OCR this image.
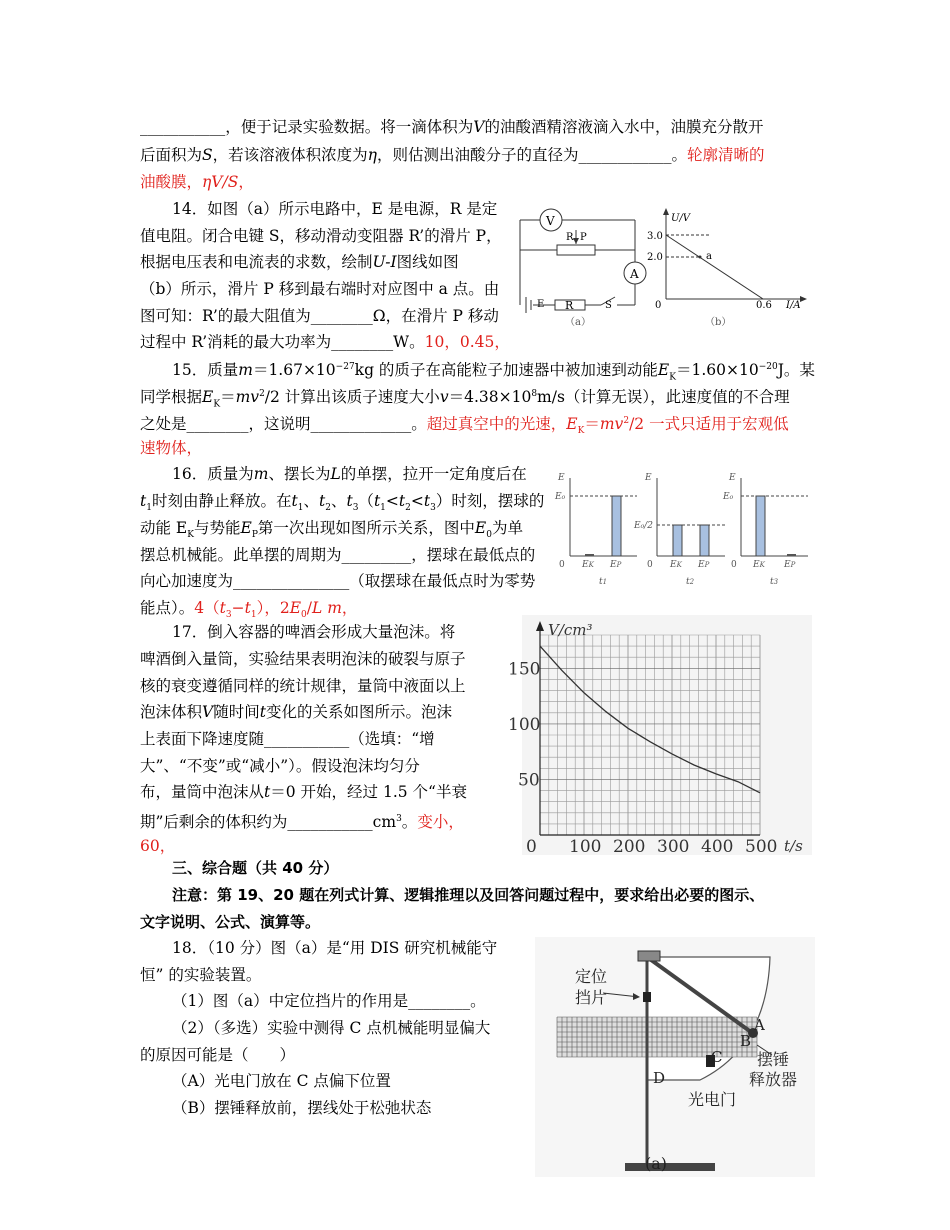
___________，便于记录实验数据。将一滴体积为V的油酸酒精溶液滴入水中，油膜充分散开
后面积为S，若该溶液体积浓度为η，则估测出油酸分子的直径为____________。轮廓清晰的
油酸膜，ηV/S，
14．如图（a）所示电路中，E 是电源，R 是定
值电阻。闭合电键 S，移动滑动变阻器 R’的滑片 P，
根据电压表和电流表的求数，绘制U-I图线如图
（b）所示，滑片 P 移到最右端时对应图中 a 点。由
图可知：R’的最大阻值为________Ω，在滑片 P 移动
过程中 R’消耗的最大功率为________W。10，0.45，
V
A
R P
E R	S
（a）
U/V
3.0
2.0	a
0	0.6 I/A
（b）
15．质量$m=1.67\times 10^{-27}kg$ 的质子在高能粒子加速器中被加速到动能$E_K=1.60\times 10^{-20}J$。某
同学根据$E_K=mv^2/2$ 计算出该质子速度大小$v=4.38\times 10^8m/s$（计算无误），此速度值的不合理
之处是________，这说明_____________。超过真空中的光速，$E_K=mv^2/2$ 一式只适用于宏观低
速物体，
16．质量为m、摆长为L的单摆，拉开一定角度后在
$t_1$时刻由静止释放。在$t_1$、$t_2$、$t_3(t_1<t_2<t_3)$时刻，摆球的
动能 $E_K$与势能$E_P$第一次出现如图所示关系，图中$E_0$为单
摆总机械能。此单摆的周期为_________，摆球在最低点的
向心加速度为_______________（取摆球在最低点时为零势
能点）。$4(t_3-t_1)$，$2E_0/L$ m，
E	E	E
E₀
E₀/2
E₀
0	0	0
EK EP	EK EP	EK EP
t1	t2	t3
17．倒入容器的啤酒会形成大量泡沫。将
啤酒倒入量筒，实验结果表明泡沫的破裂与原子
核的衰变遵循同样的统计规律，量筒中液面以上
泡沫体积V随时间t变化的关系如图所示。泡沫
上表面下降速度随___________（选填：“增
大”、“不变”或“减小”）。假设泡沫均匀分
布，量筒中泡沫从t＝0 开始，经过 1.5 个“半衰
期”后剩余的体积约为$\_\_\_\_\_\_\_\_\_\_\_cm^3$。变小，
60，
V/cm³
t/s
0 100 200 300 400 500
50
100
150
三、综合题（共 40 分）
注意：第 19、20 题在列式计算、逻辑推理以及回答问题过程中，要求给出必要的图示、
文字说明、公式、演算等。
18．（10 分）图（a）是“用 DIS 研究机械能守
恒” 的实验装置。
（1）图（a）中定位挡片的作用是________。
（2）（多选）实验中测得 C 点机械能明显偏大
的原因可能是（　　）
（A）光电门放在 C 点偏下位置
（B）摆锤释放前，摆线处于松弛状态
定位
挡片
A
B
C
D
摆锤
释放器
光电门
(a)
